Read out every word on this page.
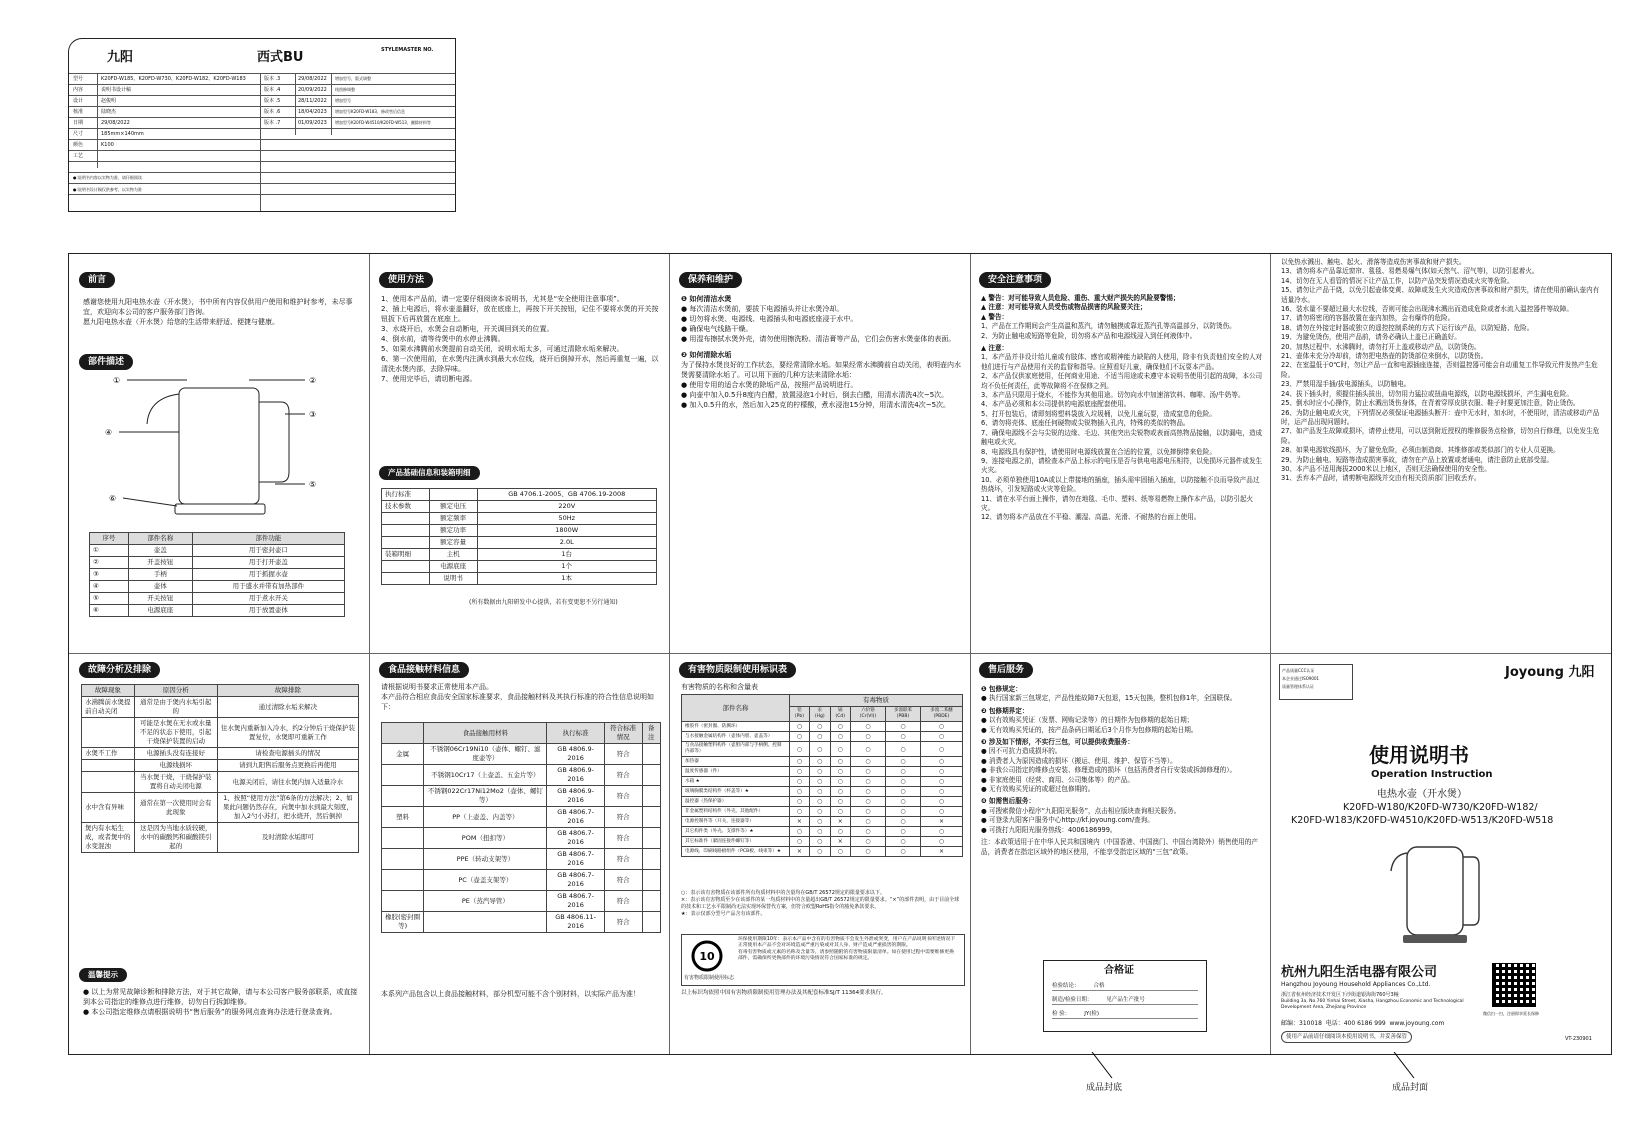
九阳	西式BU	STYLEMASTER NO.
型号	K20FD-W185、K20FD-W730、K20FD-W182、K20FD-W183	版本 .3	29/08/2022 增加型号，版式调整
内容	说明书设计稿	版本 .4	20/09/2022 线图修调整
设计	赵俊明	版本 .5	28/11/2022 增加型号
核准	陆晓杰	版本 .6	18/04/2023 增加型号K20FD-W183，修改售后信息
日期	29/08/2022	版本 .7	01/09/2023 增加型号K20FD-W4510/K20FD-W513，删除材料等
尺寸	185mm×140mm
颜色	K100
工艺
●:说明书内容以实物为准，请仔细阅读
●:说明书设计稿仅供参考，以实物为准
前言
感谢您使用九阳电热水壶（开水煲），书中所有内容仅供用户使用和维护时参考，未尽事宜，欢迎向本公司的客户服务部门咨询。
愿九阳电热水壶（开水煲）给您的生活带来舒适、便捷与健康。
部件描述
①	②
③
④
⑤
⑥
序号	部件名称	部件功能
①	壶盖	用于密封壶口
②	开盖按钮	用于打开壶盖
③	手柄	用于抓握水壶
④	壶体	用于盛水并带有加热部件
⑤	开关按钮	用于煮水开关
⑥	电源底座	用于放置壶体
使用方法
1、使用本产品前，请一定要仔细阅读本说明书，尤其是“安全使用注意事项”。
2、插上电源后，将水壶盖翻好，放在底座上，再按下开关按钮，记住不要将水煲的开关按钮扳下后再放置在底座上。
3、水烧开后，水煲会自动断电，开关调回到关的位置。
4、倒水前，请等待煲中的水停止沸腾。
5、如果水沸腾前水煲提前自动关闭，说明水垢太多，可通过清除水垢来解决。
6、第一次使用前，在水煲内注满水到最大水位线，烧开后倒掉开水，然后再重复一遍，以清洗水煲内部，去除异味。
7、使用完毕后，请切断电源。
产品基础信息和装箱明细
执行标准		GB 4706.1-2005、GB 4706.19-2008
技术参数	额定电压	220V
	额定频率	50Hz
	额定功率	1800W
	额定容量	2.0L
装箱明细	主机	1台
	电源底座	1个
	说明书	1本
(所有数据由九阳研发中心提供，若有变更恕不另行通知)
保养和维护
❶ 如何清洁水煲
● 每次清洁水煲前，要拔下电源插头并让水煲冷却。
● 切勿将水煲、电源线、电源插头和电源底座浸于水中。
● 确保电气线路干燥。
● 用湿布擦拭水煲外壳，请勿使用擦洗粉、清洁膏等产品，它们会伤害水煲壶体的表面。
❷ 如何清除水垢
为了保持水煲良好的工作状态，要经常清除水垢。如果经常水沸腾前自动关闭，表明壶内水煲需要清除水垢了。可以用下面的几种方法来清除水垢：
● 使用专用的适合水煲的除垢产品，按照产品说明进行。
● 向壶中加入0.5升8度内白醋，放置浸泡1小时后，倒去白醋，用清水清洗4次~5次。
● 加入0.5升的水，然后加入25克的柠檬酸，煮水浸泡15分钟，用清水清洗4次~5次。
安全注意事项
▲ 警告：对可能导致人员危险、重伤、重大财产损失的风险要警惕；
▲ 注意：对可能导致人员受伤或物品损害的风险要关注；
▲ 警告：
1、产品在工作期间会产生高温和蒸汽，请勿触摸或靠近蒸汽孔等高温部分，以防烫伤。
2、为防止触电或短路等危险，切勿将本产品和电源线浸入到任何液体中。
▲ 注意：
1、本产品并非设计给儿童或有肢体、感官或精神能力缺陷的人使用，除非有负责他们安全的人对他们进行与产品使用有关的监督和指导。应照看好儿童，确保他们不玩耍本产品。
2、本产品仅供家庭使用，任何商业用途、不适当用途或未遵守本说明书使用引起的故障，本公司均不负任何责任，此等故障将不在保修之列。
3、本产品只限用于烧水，不能作为其他用途。切勿向水中加速溶饮料、咖啡、汤/牛奶等。
4、本产品必须和本公司提供的电源底座配套使用。
5、打开包装后，请即刻将塑料袋放入垃圾桶，以免儿童玩耍，造成窒息的危险。
6、请勿将壳体、底座任何硬物或尖锐物插入孔内，特殊的类似的物品。
7、确保电源线不会与尖锐的边缘、毛边、其他突出尖锐物或表面高热物品接触，以防漏电，造成触电或火灾。
8、电源线具有保护性，请使用时电源线放置在合适的位置，以免摔倒带来危险。
9、连接电源之前，请检查本产品上标示的电压是否与供电电源电压相符，以免损坏元器件或发生火灾。
10、必须单独使用10A或以上带接地的插座，插头需牢固插入插座，以防接触不良而导致产品过热烧坏，引发短路或火灾等危险。
11、请在水平台面上操作，请勿在地毯、毛巾、塑料、纸等易燃物上操作本产品，以防引起火灾。
12、请勿将本产品放在不平稳、潮湿、高温、光滑、不耐热的台面上使用。
以免热水溅出、触电、起火、滑落等造成伤害事故和财产损失。
13、请勿将本产品靠近窗帘、毯毯、易燃易爆气体(如天然气、沼气等)，以防引起着火。
14、切勿在无人看管的情况下让产品工作，以防产品突发情况造成火灾等危险。
15、请勿让产品干烧，以免引起壶体变黄、故障或发生火灾造成伤害事故和财产损失，请在使用前确认壶内有适量冷水。
16、装水量不要超过最大水位线，否则可能会出现沸水溅出而造成危险或者水流入温控器件等故障。
17、请勿将密闭的容器放置在壶内加热，会有爆炸的危险。
18、请勿在外接定时器或独立的遥控控制系统的方式下运行该产品，以防短路、危险。
19、为避免烫伤，使用产品前，请务必确认上盖已正确盖好。
20、加热过程中、水沸腾时，请勿打开上盖或移动产品，以防烫伤。
21、壶体未充分冷却前，请勿把电热壶的防烫部位来倒水，以防烫伤。
22、在室温低于0℃时，勿让产品一直和电源插座连接，否则温控器可能会自动重复工作导致元件发热产生危险。
23、严禁用湿手插/拔电源插头，以防触电。
24、拔下插头时，须握住插头拔出，切勿用力猛拉或扭曲电源线，以防电源线损坏，产生漏电危险。
25、倒水时应小心操作，防止水溅出烫伤身体，在背着穿厚皮肤衣服、鞋子时要更加注意，防止烫伤。
26、为防止触电或火灾，下列情况必须保证电源插头断开：壶中无水时，加水时，不使用时，清洁或移动产品时，运产品出现问题时。
27、如产品发生故障或损坏，请停止使用，可以送到附近授权的维修服务点检修，切勿自行修理，以免发生危险。
28、如果电源软线损坏，为了避免危险，必须由制造商、其维修部或类似部门的专业人员更换。
29、为防止触电、短路等造成损害事故，请勿在产品上放置或者通电，请注意防止底部受湿。
30、本产品不适用海拔2000米以上地区，否则无法确保使用的安全性。
31、丢弃本产品时，请剪断电源线并交由有相关资质部门回收丢弃。
故障分析及排除
故障现象	原因分析	故障排除
水沸腾前水煲提前自动关闭	通常是由于煲内水垢引起的	通过清除水垢来解决
	可能是水煲在无水或水量不足的状态下使用，引起干烧保护装置的启动	往水煲内重新加入冷水，约2分钟后干烧保护装置复位，水煲即可重新工作
水煲不工作	电源插头没有连接好	请检查电源插头的情况
	电源线损坏	请到九阳售后服务点更换后再使用
	当水煲干烧，干烧保护装置将自动关闭电源	电源关闭后，请往水煲内加入适量冷水
水中含有异味	通常在第一次使用时会有此现象	1、按照“使用方法”第6条的方法解决；2、如果此问题仍然存在，向煲中加水到最大刻度，加入2勺小苏打，把水烧开，然后倒掉
煲内有水垢生成，或者煲中的水变混浊	这是因为当地水质较硬，水中的碳酸钙和碳酸镁引起的	及时清除水垢即可
温馨提示
● 以上为常见故障诊断和排除方法，对于其它故障，请与本公司客户服务部联系，或直接到本公司指定的维修点进行维修，切勿自行拆卸维修。
● 本公司指定维修点请根据说明书“售后服务”的服务网点查询办法进行登录查询。
食品接触材料信息
请根据说明书要求正常使用本产品。
本产品符合相应食品安全国家标准要求，食品接触材料及其执行标准的符合性信息说明如下：
	食品接触用材料	执行标准	符合标准情况	备注
金属	不锈钢06Cr19Ni10（壶体、螺钉、滤度壶等）	GB 4806.9-2016	符合	
	不锈钢10Cr17（上壶盖、五金片等）	GB 4806.9-2016	符合	
	不锈钢022Cr17Ni12Mo2（壶体、螺钉等）	GB 4806.9-2016	符合	
塑料	PP（上壶盖、内盖等）	GB 4806.7-2016	符合	
	POM（扭扣等）	GB 4806.7-2016	符合	
	PPE（转动支架等）	GB 4806.7-2016	符合	
	PC（壶盖支架等）	GB 4806.7-2016	符合	
	PE（蒸汽导管）	GB 4806.7-2016	符合	
橡胶(密封圈等)		GB 4806.11-2016	符合	
本系列产品包含以上食品接触材料，部分机型可能不含个别材料，以实际产品为准！
有害物质限制使用标识表
有害物质的名称和含量表
部件名称	有毒物质					
	铅(Pb)	汞(Hg)	镉(Cd)	六价铬(Cr(VI))	多溴联苯(PBB)	多溴二苯醚(PBDE)
橡胶件（密封圈、防溅环）	○	○	○	○	○	○
与水接触金属结构件（壶体内胆、壶盖等）	○	○	○	○	○	○
与食品接触塑料构件（壶胆内部与手柄侧、控制内部等）	○	○	○	○	○	○
加热器	○	○	○	○	○	○
温度传感器（件）	○	○	○	○	○	○
水箱 ★	○	○	○	○	○	○
玻璃胸膜类结构件（杯盖等）★	○	○	○	○	○	○
温控器（热保护器）	○	○	○	○	○	○
非金属塑料结构件（外壳、其他配件）	○	○	○	○	○	○
电源控制件等（开关，连接器等）	×	○	×	○	○	×
其它构件类（外壳、支撑件等）★	○	○	○	○	○	○
其它标准件（紧固连接件螺钉等）	○	○	×	○	○	○
电源线、印刷线路板组件（PCB板、线束等）★	×	○	○	○	○	×
○：表示该有害物质在该部件所有均质材料中的含量均在GB/T 26572规定的限量要求以下。
×：表示该有害物质至少在该部件的某一均质材料中的含量超出GB/T 26572规定的限量要求。“×”的部件表明，由于目前全球的技术和工艺水平限制尚无法实现环保替代方案，但符合欧盟RoHS指令的豁免条款要求。
★：表示仅部分型号产品含有该部件。
10
有害物质限制使用标志
环保使用期限10年：表示本产品中含有的有害物质不会发生外泄或突变，用户在产品说明书所述情况下正常使用本产品不会对环境造成严重污染或对其人身、财产造成严重损害的期限。
有毒有害物质或元素的名称及含量等，请参照随附的有害物质限量清单。如在使用过程中需要维修更换部件，需确保所更换部件的环境污染情况符合国家标准的规定。
以上标识均依照中国有害物质限制使用管理办法及其配套标准SJ/T 11364要求执行。
售后服务
❶ 包修规定：
● 执行国家新三包规定，产品性能故障7天包退，15天包换，整机包修1年，全国联保。
❷ 包修期界定：
● 以有效购买凭证（发票、网购记录等）的日期作为包修期的起始日期；
● 无有效购买凭证的，按产品条码日期延后3个月作为包修期的起始日期。
❸ 涉及如下情形，不实行三包，可以提供收费服务：
● 因不可抗力造成损坏的。
● 消费者人为原因造成的损坏（搬运、使用、维护、保管不当等）。
● 非我公司指定的维修点安装、修理造成的损坏（包括消费者自行安装或拆卸修理的）。
● 非家庭使用（经营、商用、公司集体等）的产品。
● 无有效购买凭证的或超过包修期的。
❹ 如需售后服务：
● 可搜索微信小程序“九阳阳光服务”，点击相应版块查询相关服务。
● 可登录九阳客户服务中心http://kf.joyoung.com/查询。
● 可拨打九阳阳光服务热线：4006186999。
注：本政策适用于在中华人民共和国境内（中国香港、中国澳门、中国台湾除外）销售使用的产品，消费者在指定区域外的地区使用，不能享受指定区域的“三包”政策。
合格证
检验结论：	合格
制造/检验日期：	见产品生产批号
检 验：	JY(检)
产品质量CCC认证
本企业通过ISO9001
质量管理体系认证
Joyoung 九阳
使用说明书
Operation Instruction
电热水壶（开水煲）
K20FD-W180/K20FD-W730/K20FD-W182/
K20FD-W183/K20FD-W4510/K20FD-W513/K20FD-W518
杭州九阳生活电器有限公司
Hangzhou Joyoung Household Appliances Co.,Ltd.
浙江省杭州经济技术开发区下沙街道银海街760号3幢
Building 3a, No.760 Yinhai Street, Xiasha, Hangzhou Economic and Technological Development Area, Zhejiang Province
邮编：310018  电话：400 6186 999  www.joyoung.com
微信扫一扫，注册即享延长保修
使用产品前请仔细阅读本使用说明书，并妥善保管	VT-230901
成品封底	成品封面
